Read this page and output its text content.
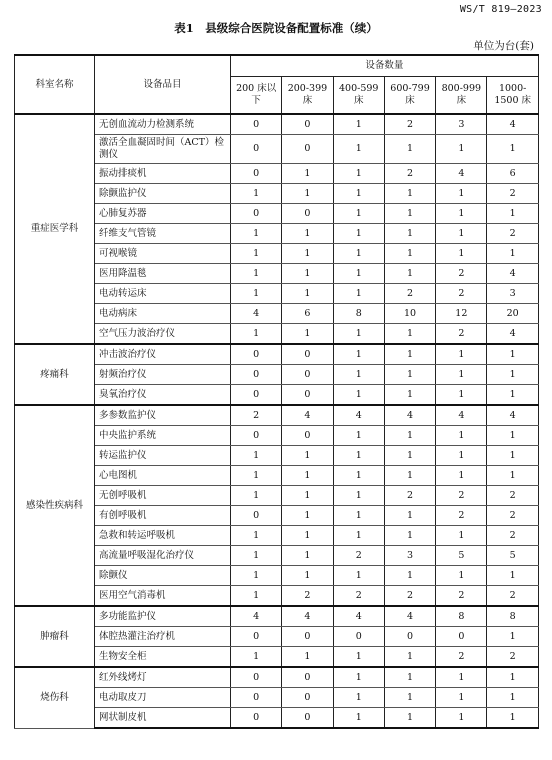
WS/T 819—2023
表1　县级综合医院设备配置标准（续）
单位为台(套)
科室名称	设备品目	设备数量					
		200 床以下	200-399 床	400-599 床	600-799 床	800-999 床	1000-1500 床
重症医学科	无创血流动力检测系统	0	0	1	2	3	4
	激活全血凝固时间（ACT）检测仪	0	0	1	1	1	1
	振动排痰机	0	1	1	2	4	6
	除颤监护仪	1	1	1	1	1	2
	心肺复苏器	0	0	1	1	1	1
	纤维支气管镜	1	1	1	1	1	2
	可视喉镜	1	1	1	1	1	1
	医用降温毯	1	1	1	1	2	4
	电动转运床	1	1	1	2	2	3
	电动病床	4	6	8	10	12	20
	空气压力波治疗仪	1	1	1	1	2	4
疼痛科	冲击波治疗仪	0	0	1	1	1	1
	射频治疗仪	0	0	1	1	1	1
	臭氧治疗仪	0	0	1	1	1	1
感染性疾病科	多参数监护仪	2	4	4	4	4	4
	中央监护系统	0	0	1	1	1	1
	转运监护仪	1	1	1	1	1	1
	心电图机	1	1	1	1	1	1
	无创呼吸机	1	1	1	2	2	2
	有创呼吸机	0	1	1	1	2	2
	急救和转运呼吸机	1	1	1	1	1	2
	高流量呼吸湿化治疗仪	1	1	2	3	5	5
	除颤仪	1	1	1	1	1	1
	医用空气消毒机	1	2	2	2	2	2
肿瘤科	多功能监护仪	4	4	4	4	8	8
	体腔热灌注治疗机	0	0	0	0	0	1
	生物安全柜	1	1	1	1	2	2
烧伤科	红外线烤灯	0	0	1	1	1	1
	电动取皮刀	0	0	1	1	1	1
	网状制皮机	0	0	1	1	1	1
